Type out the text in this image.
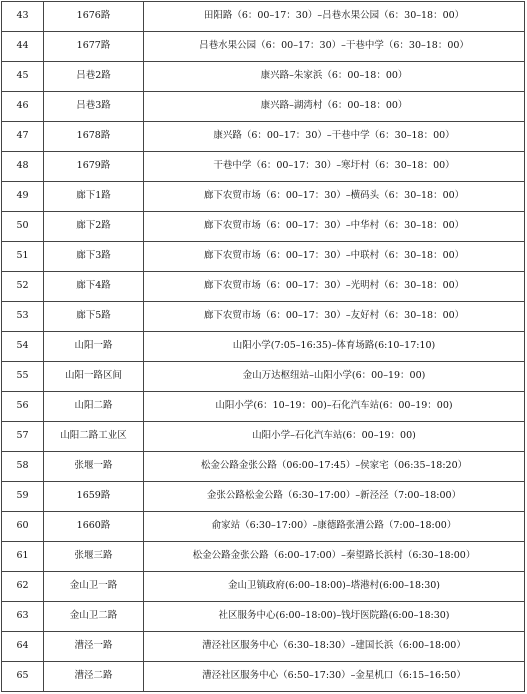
43	1676路	田阳路（6：00–17：30）–吕巷水果公园（6：30–18：00）
44	1677路	吕巷水果公园（6：00–17：30）–干巷中学（6：30–18：00）
45	吕巷2路	康兴路–朱家浜（6：00–18：00）
46	吕巷3路	康兴路–湖湾村（6：00–18：00）
47	1678路	康兴路（6：00–17：30）–干巷中学（6：30–18：00）
48	1679路	干巷中学（6：00–17：30）–寒圩村（6：30–18：00）
49	廊下1路	廊下农贸市场（6：00–17：30）–横码头（6：30–18：00）
50	廊下2路	廊下农贸市场（6：00–17：30）–中华村（6：30–18：00）
51	廊下3路	廊下农贸市场（6：00–17：30）–中联村（6：30–18：00）
52	廊下4路	廊下农贸市场（6：00–17：30）–光明村（6：30–18：00）
53	廊下5路	廊下农贸市场（6：00–17：30）–友好村（6：30–18：00）
54	山阳一路	山阳小学(7:05–16:35)–体育场路(6:10–17:10)
55	山阳一路区间	金山万达枢纽站–山阳小学(6：00–19：00)
56	山阳二路	山阳小学(6：10–19：00)–石化汽车站(6：00–19：00)
57	山阳二路工业区	山阳小学–石化汽车站(6：00–19：00)
58	张堰一路	松金公路金张公路（06:00–17:45）–侯家宅（06:35–18:20）
59	1659路	金张公路松金公路（6:30–17:00）–新泾泾（7:00–18:00）
60	1660路	俞家站（6:30–17:00）–康德路张漕公路（7:00–18:00）
61	张堰三路	松金公路金张公路（6:00–17:00）–秦望路长浜村（6:30–18:00）
62	金山卫一路	金山卫镇政府(6:00–18:00)–塔港村(6:00–18:30)
63	金山卫二路	社区服务中心(6:00–18:00)–钱圩医院路(6:00–18:30)
64	漕泾一路	漕泾社区服务中心（6:30–18:30）–建国长浜（6:00–18:00）
65	漕泾二路	漕泾社区服务中心（6:50–17:30）–金星机口（6:15–16:50）
